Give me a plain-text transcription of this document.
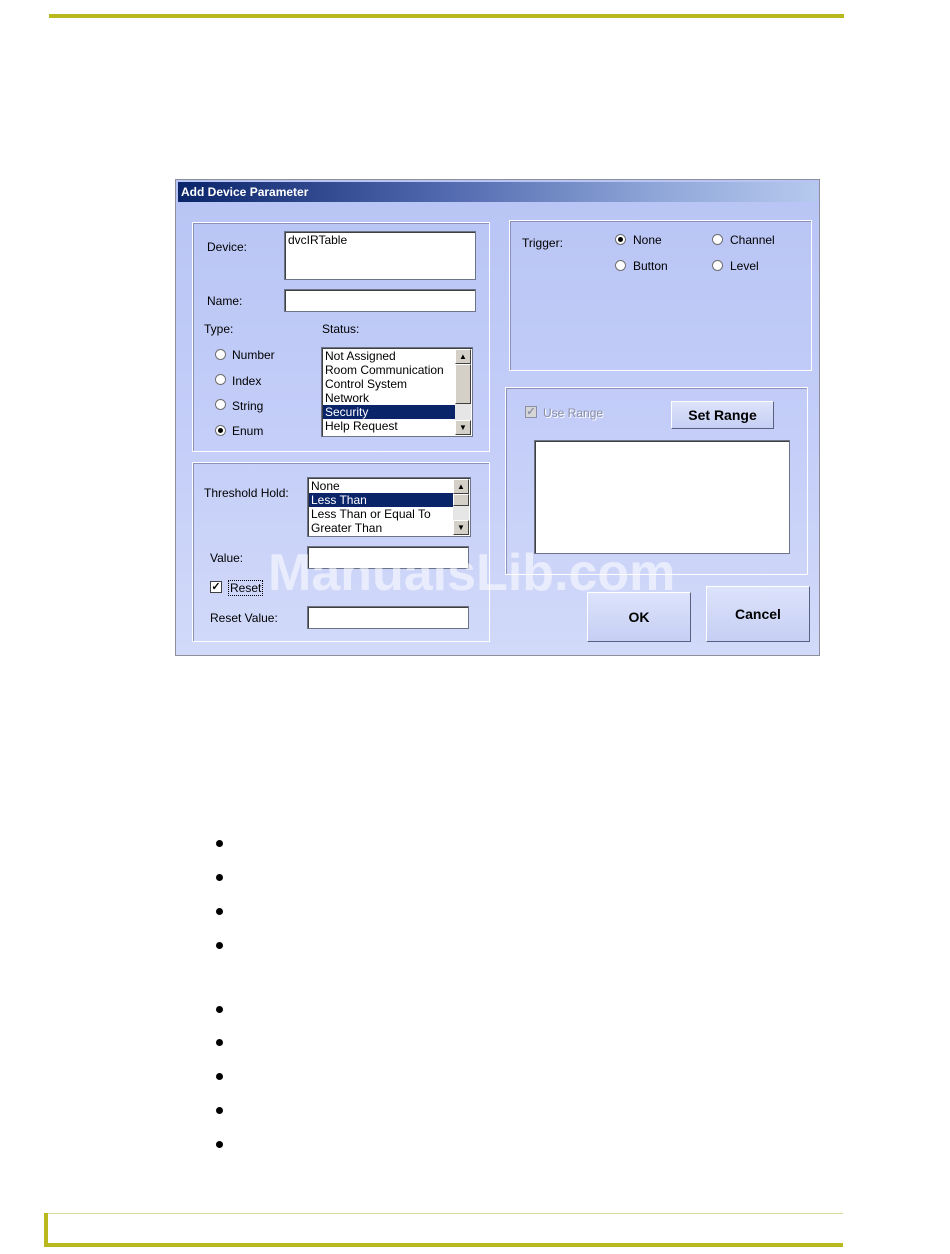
Add Device Parameter
Device:	dvcIRTable
Name:
Type:	Status:
Number
Index
String
Enum
Not Assigned
Room Communication
Control System
Network
Security
Help Request
▲
▼
Threshold Hold: None
Less Than
Less Than or Equal To
Greater Than
▲
▼
Value:
✓ Reset
Reset Value:
Trigger:	None	Channel
Button	Level
✓ Use Range	Set Range
OK	Cancel
ManualsLib.com
